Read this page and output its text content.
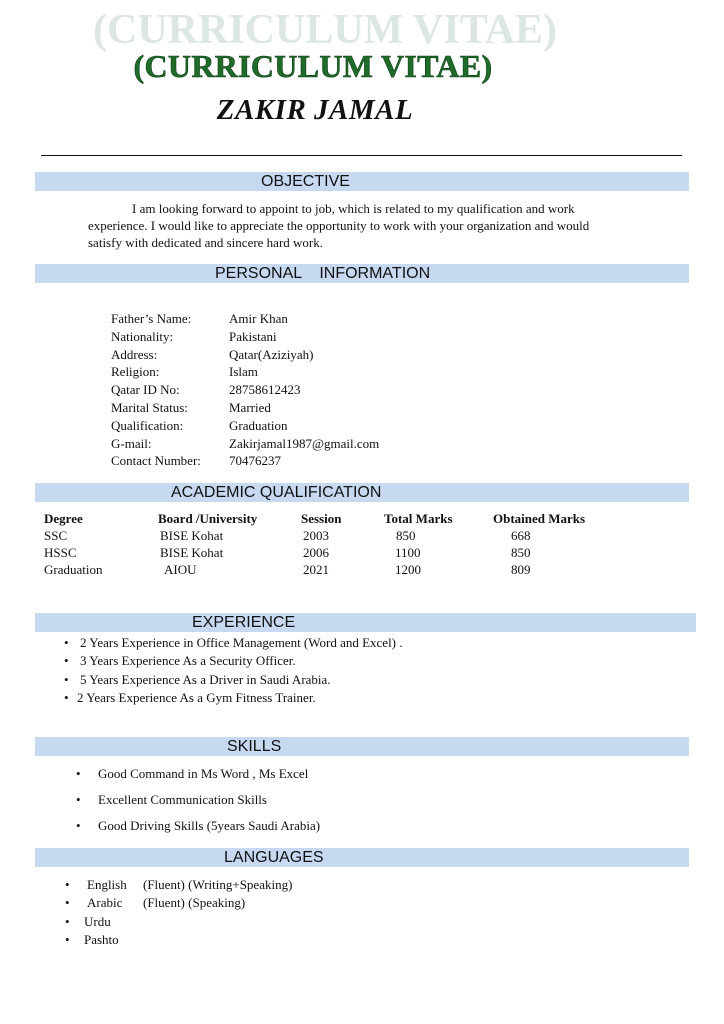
(CURRICULUM VITAE)
(CURRICULUM VITAE)
ZAKIR JAMAL

OBJECTIVE

I am looking forward to appoint to job, which is related to my qualification and work

experience. I would like to appreciate the opportunity to work with your organization and would

satisfy with dedicated and sincere hard work.

PERSONAL    INFORMATION

Father’s Name:	Amir Khan
Nationality:	Pakistani
Address:	Qatar(Aziziyah)
Religion:	Islam
Qatar ID No:	28758612423
Marital Status:	Married
Qualification:	Graduation
G-mail:	Zakirjamal1987@gmail.com
Contact Number: 70476237

ACADEMIC QUALIFICATION

Degree	Board /University	Session	Total Marks	Obtained Marks
SSC	BISE Kohat	2003	850	668
HSSC	BISE Kohat	2006	1100	850
Graduation	AIOU	2021	1200	809

EXPERIENCE

• 2 Years Experience in Office Management (Word and Excel) .
• 3 Years Experience As a Security Officer.
• 5 Years Experience As a Driver in Saudi Arabia.
• 2 Years Experience As a Gym Fitness Trainer.

SKILLS

• Good Command in Ms Word , Ms Excel
• Excellent Communication Skills
• Good Driving Skills (5years Saudi Arabia)

LANGUAGES

• English (Fluent) (Writing+Speaking)

• Arabic (Fluent) (Speaking)

• Urdu

• Pashto
